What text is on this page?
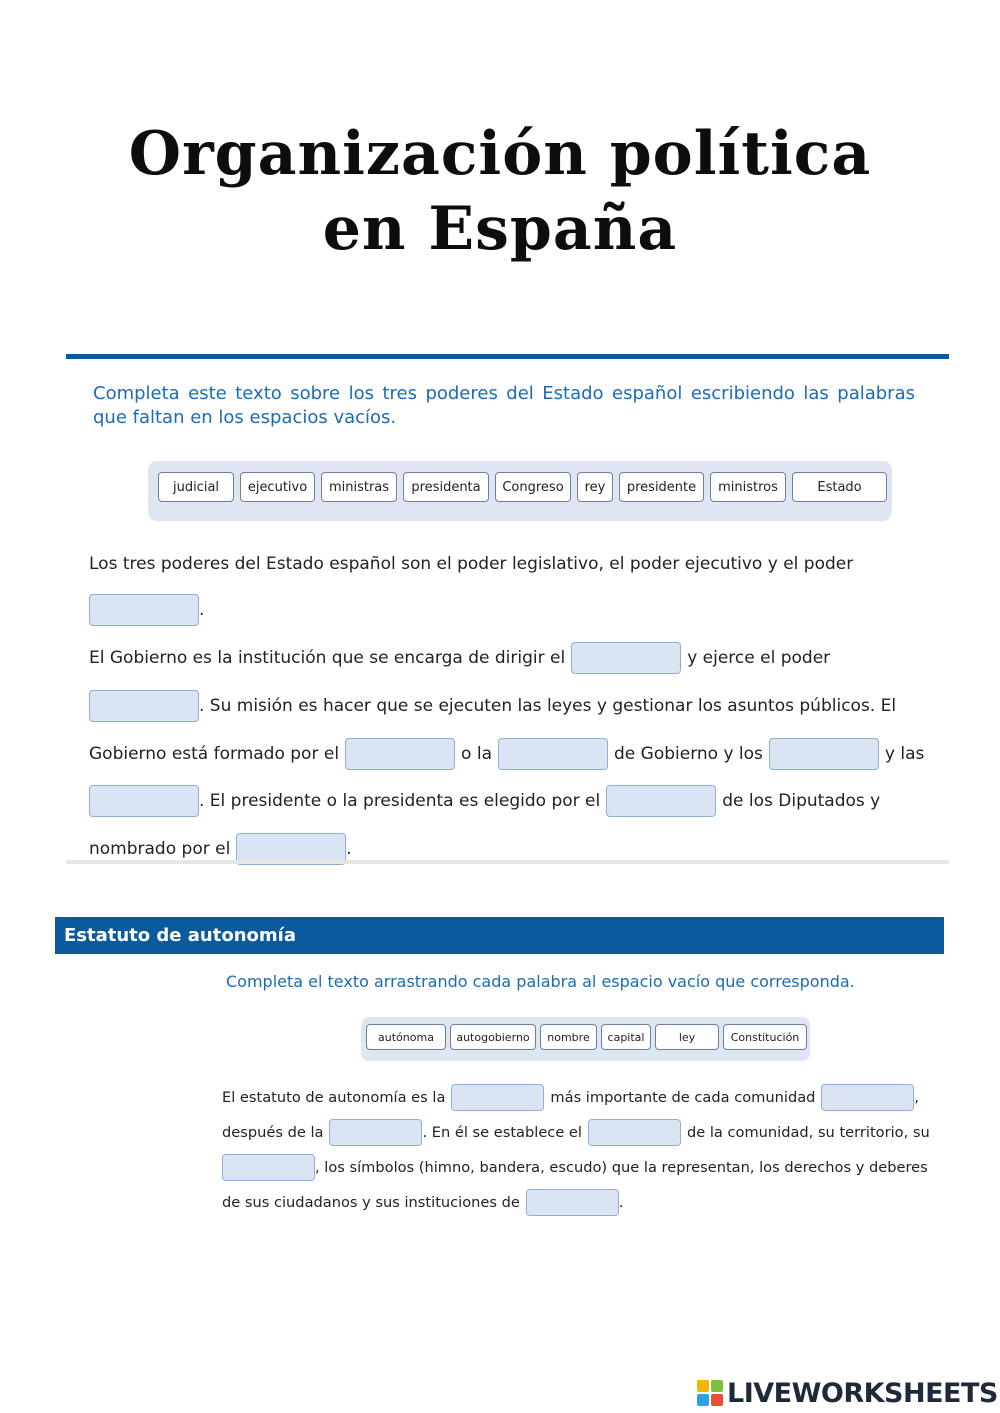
Organización política
en España
Completa este texto sobre los tres poderes del Estado español escribiendo las palabras que faltan en los espacios vacíos.
judicial	ejecutivo	ministras	presidenta	Congreso	rey	presidente	ministros	Estado
Los tres poderes del Estado español son el poder legislativo, el poder ejecutivo y el poder
.
El Gobierno es la institución que se encarga de dirigir el	y ejerce el poder
. Su misión es hacer que se ejecuten las leyes y gestionar los asuntos públicos. El
Gobierno está formado por el	o la	de Gobierno y los	y las
. El presidente o la presidenta es elegido por el	de los Diputados y
nombrado por el	.
Estatuto de autonomía
Completa el texto arrastrando cada palabra al espacio vacío que corresponda.
autónoma	autogobierno	nombre	capital	ley	Constitución
El estatuto de autonomía es la	más importante de cada comunidad	,
después de la	. En él se establece el	de la comunidad, su territorio, su
, los símbolos (himno, bandera, escudo) que la representan, los derechos y deberes
de sus ciudadanos y sus instituciones de	.
LIVEWORKSHEETS
